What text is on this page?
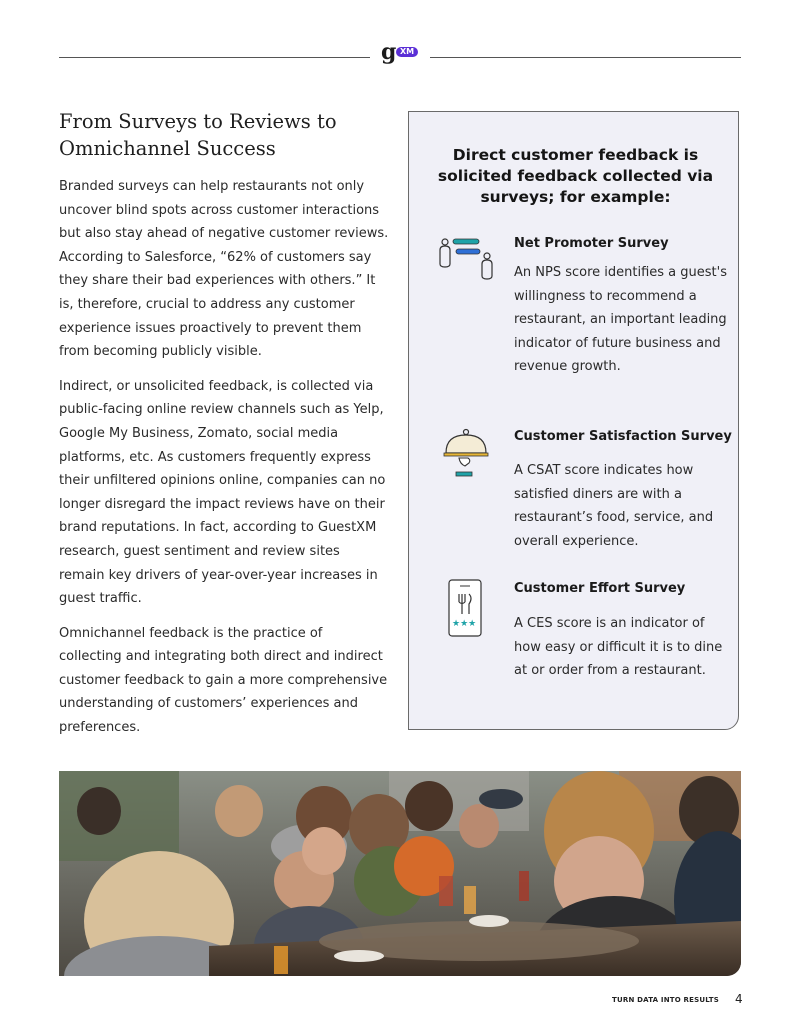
g XM
From Surveys to Reviews to Omnichannel Success

Branded surveys can help restaurants not only uncover blind spots across customer interactions but also stay ahead of negative customer reviews. According to Salesforce, “62% of customers say they share their bad experiences with others.” It is, therefore, crucial to address any customer experience issues proactively to prevent them from becoming publicly visible.

Indirect, or unsolicited feedback, is collected via public-facing online review channels such as Yelp, Google My Business, Zomato, social media platforms, etc. As customers frequently express their unfiltered opinions online, companies can no longer disregard the impact reviews have on their brand reputations. In fact, according to GuestXM research, guest sentiment and review sites remain key drivers of year-over-year increases in guest traffic.

Omnichannel feedback is the practice of collecting and integrating both direct and indirect customer feedback to gain a more comprehensive understanding of customers’ experiences and preferences.

Direct customer feedback is solicited feedback collected via surveys; for example:
Net Promoter Survey
An NPS score identifies a guest's willingness to recommend a restaurant, an important leading indicator of future business and revenue growth.
Customer Satisfaction Survey
A CSAT score indicates how satisfied diners are with a restaurant’s food, service, and overall experience.
★★★
Customer Effort Survey
A CES score is an indicator of how easy or difficult it is to dine at or order from a restaurant.
TURN DATA INTO RESULTS 4
